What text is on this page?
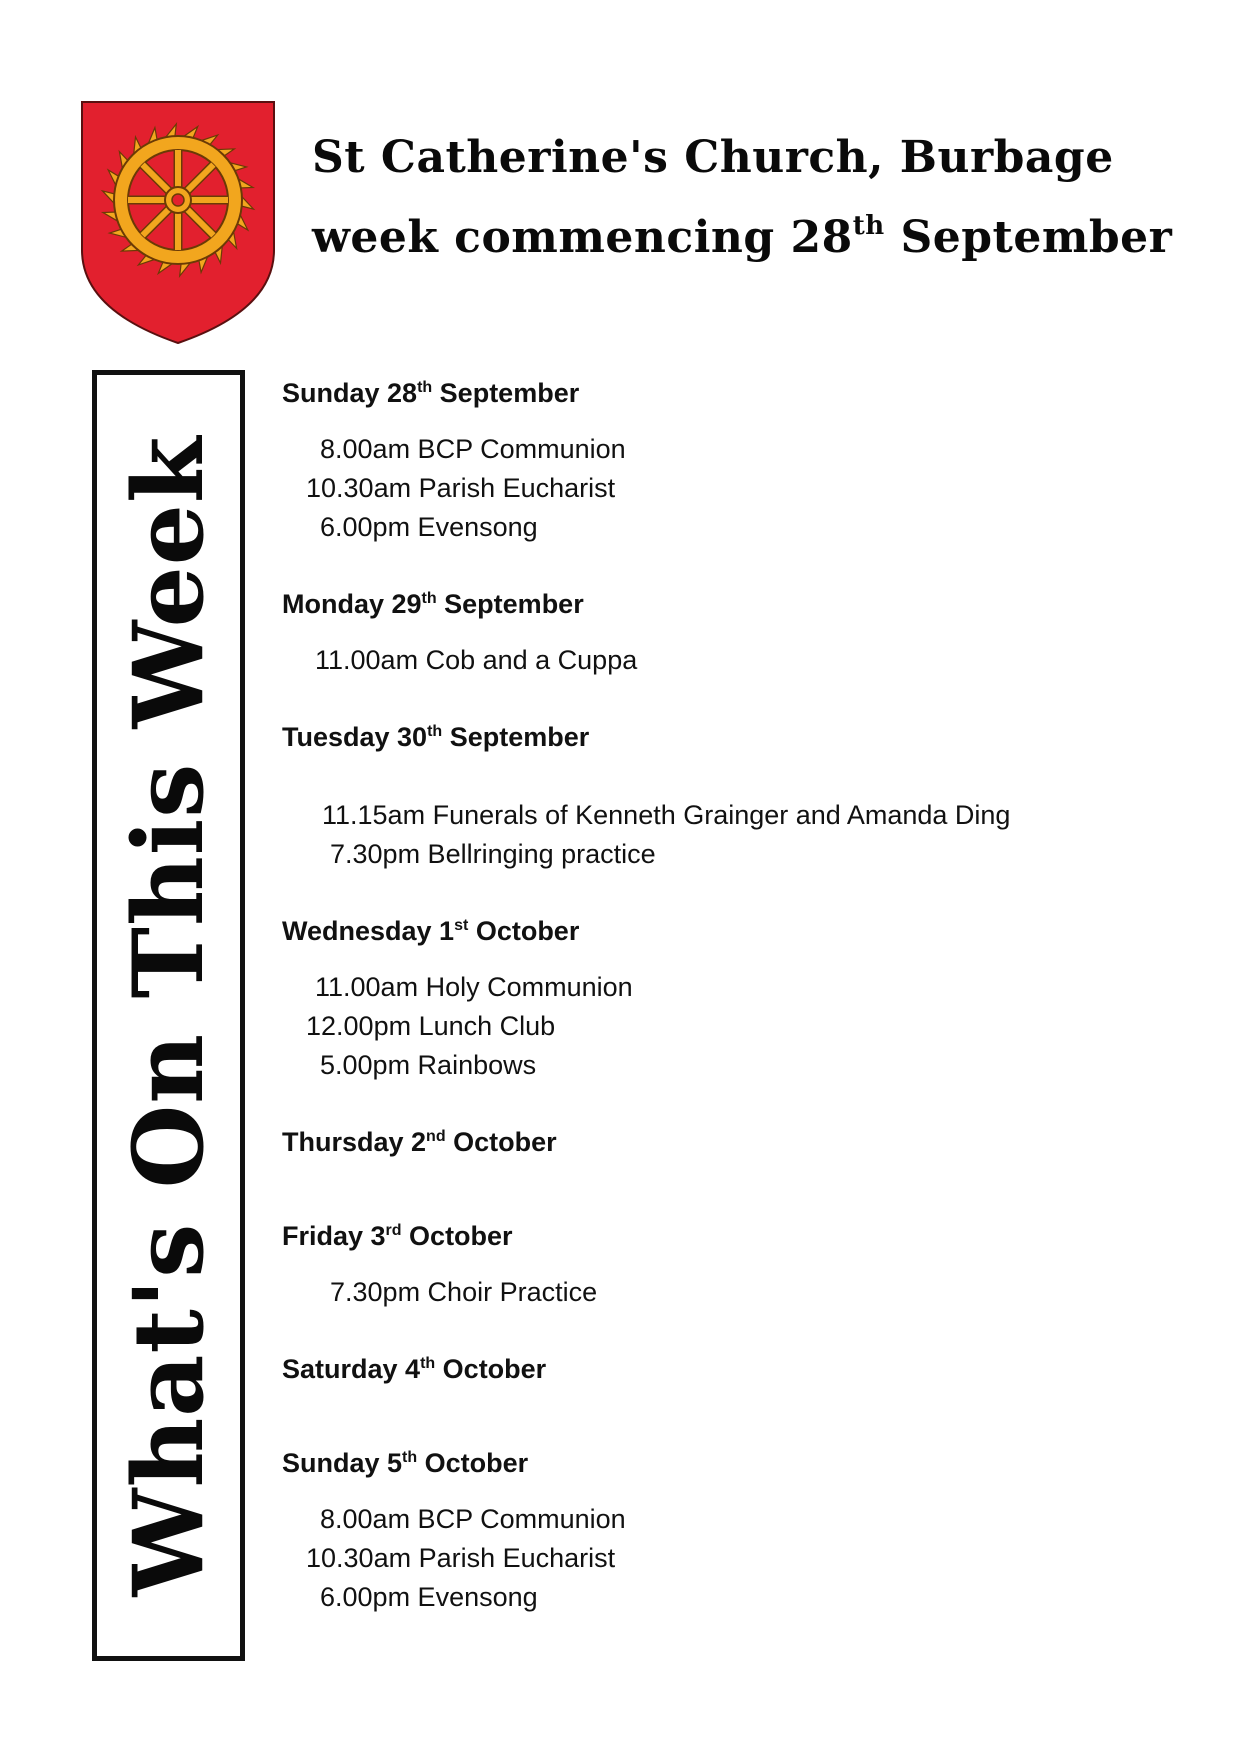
St Catherine's Church, Burbage
week commencing 28th September
What's On This Week
Sunday 28th September
8.00am BCP Communion
10.30am Parish Eucharist
6.00pm Evensong
Monday 29th September
11.00am Cob and a Cuppa
Tuesday 30th September
11.15am Funerals of Kenneth Grainger and Amanda Ding
7.30pm Bellringing practice
Wednesday 1st October
11.00am Holy Communion
12.00pm Lunch Club
5.00pm Rainbows
Thursday 2nd October
Friday 3rd October
7.30pm Choir Practice
Saturday 4th October
Sunday 5th October
8.00am BCP Communion
10.30am Parish Eucharist
6.00pm Evensong
